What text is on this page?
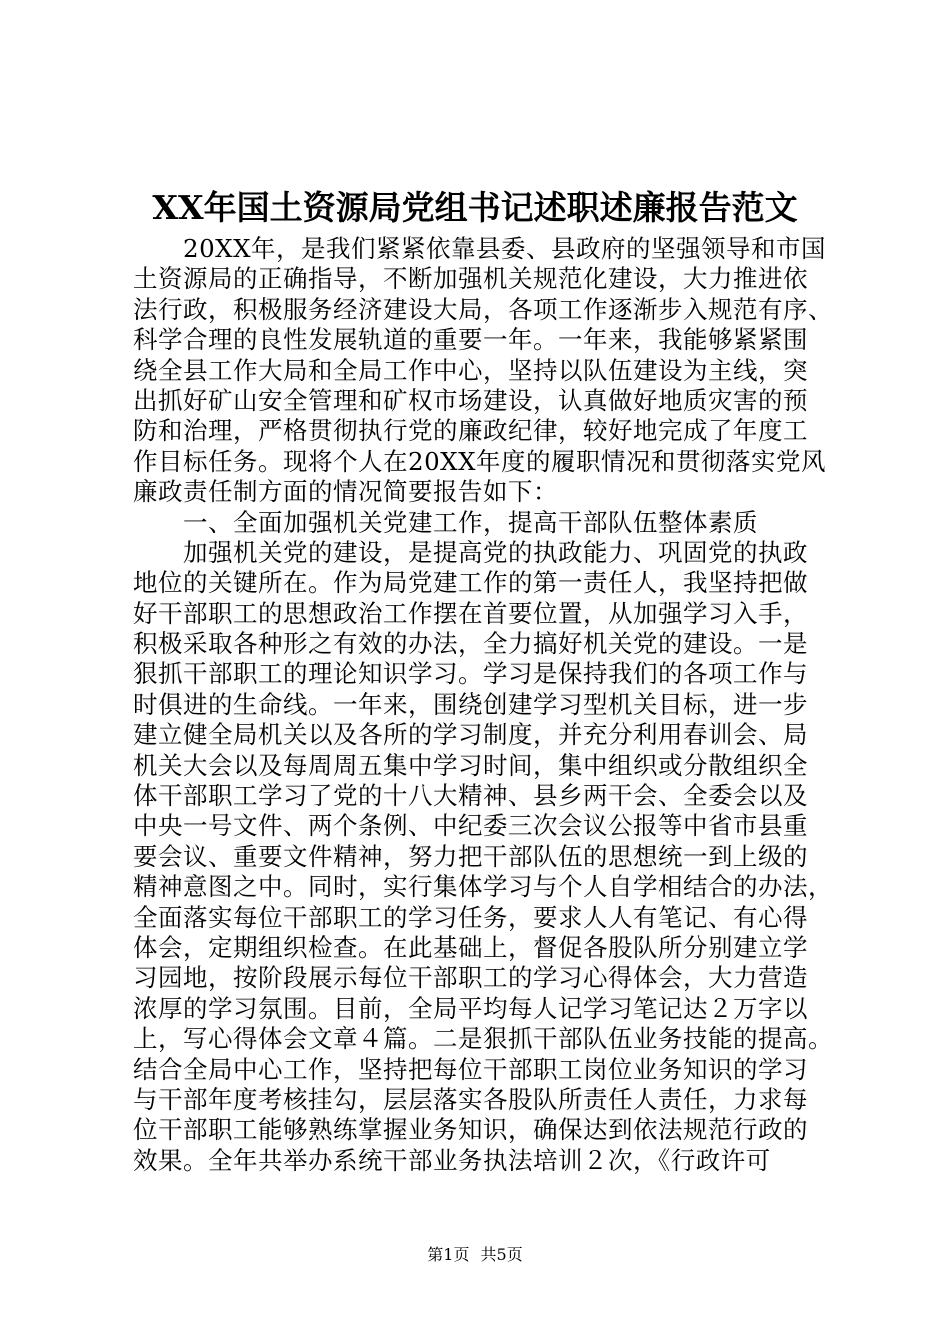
XX年国土资源局党组书记述职述廉报告范文
　　20XX年，是我们紧紧依靠县委、县政府的坚强领导和市国
土资源局的正确指导，不断加强机关规范化建设，大力推进依
法行政，积极服务经济建设大局，各项工作逐渐步入规范有序、
科学合理的良性发展轨道的重要一年。一年来，我能够紧紧围
绕全县工作大局和全局工作中心，坚持以队伍建设为主线，突
出抓好矿山安全管理和矿权市场建设，认真做好地质灾害的预
防和治理，严格贯彻执行党的廉政纪律，较好地完成了年度工
作目标任务。现将个人在20XX年度的履职情况和贯彻落实党风
廉政责任制方面的情况简要报告如下：
　　一、全面加强机关党建工作，提高干部队伍整体素质
　　加强机关党的建设，是提高党的执政能力、巩固党的执政
地位的关键所在。作为局党建工作的第一责任人，我坚持把做
好干部职工的思想政治工作摆在首要位置，从加强学习入手，
积极采取各种形之有效的办法，全力搞好机关党的建设。一是
狠抓干部职工的理论知识学习。学习是保持我们的各项工作与
时俱进的生命线。一年来，围绕创建学习型机关目标，进一步
建立健全局机关以及各所的学习制度，并充分利用春训会、局
机关大会以及每周周五集中学习时间，集中组织或分散组织全
体干部职工学习了党的十八大精神、县乡两干会、全委会以及
中央一号文件、两个条例、中纪委三次会议公报等中省市县重
要会议、重要文件精神，努力把干部队伍的思想统一到上级的
精神意图之中。同时，实行集体学习与个人自学相结合的办法，
全面落实每位干部职工的学习任务，要求人人有笔记、有心得
体会，定期组织检查。在此基础上，督促各股队所分别建立学
习园地，按阶段展示每位干部职工的学习心得体会，大力营造
浓厚的学习氛围。目前，全局平均每人记学习笔记达２万字以
上，写心得体会文章４篇。二是狠抓干部队伍业务技能的提高。
结合全局中心工作，坚持把每位干部职工岗位业务知识的学习
与干部年度考核挂勾，层层落实各股队所责任人责任，力求每
位干部职工能够熟练掌握业务知识，确保达到依法规范行政的
效果。全年共举办系统干部业务执法培训２次，《行政许可
第1页 共5页
